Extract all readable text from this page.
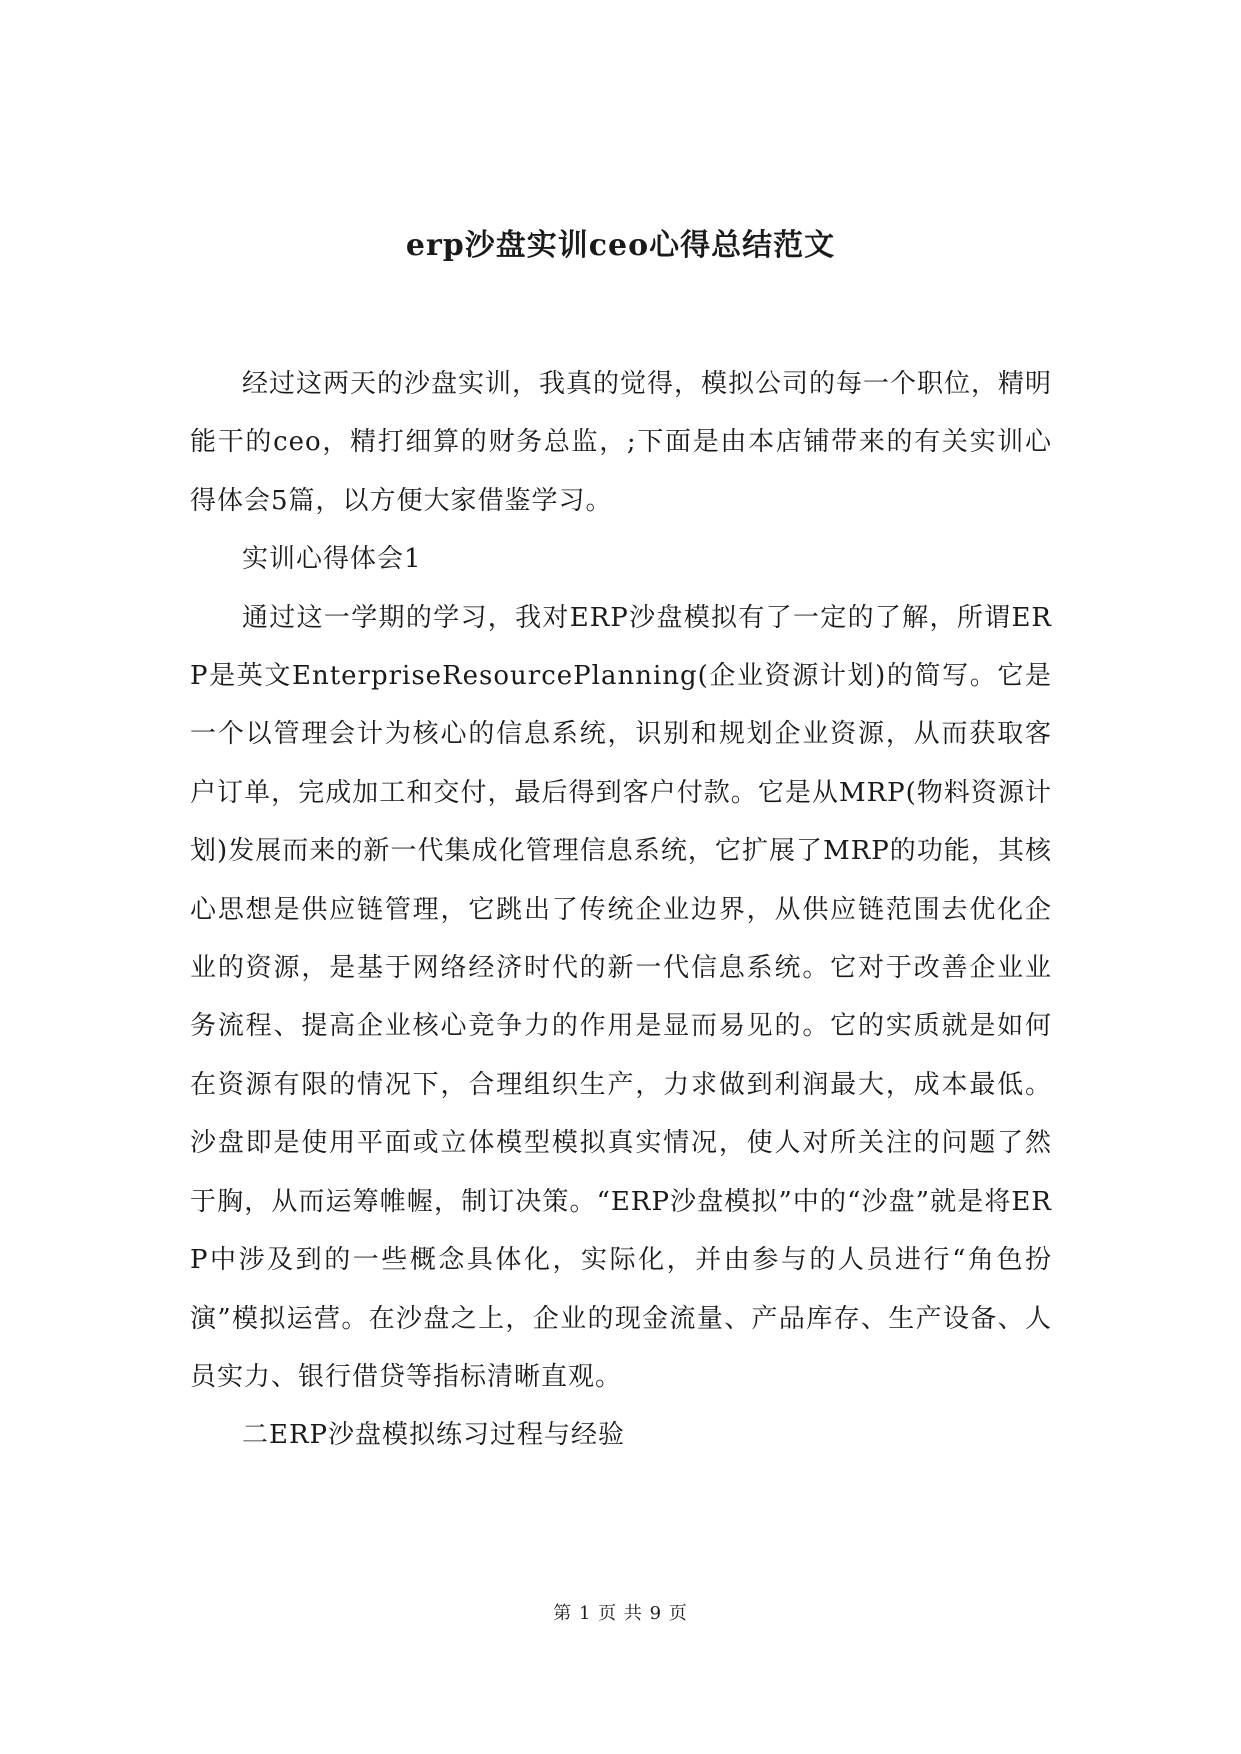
erp沙盘实训ceo心得总结范文

经过这两天的沙盘实训，我真的觉得，模拟公司的每一个职位，精明能干的ceo，精打细算的财务总监，;下面是由本店铺带来的有关实训心得体会5篇，以方便大家借鉴学习。

实训心得体会1

通过这一学期的学习，我对ERP沙盘模拟有了一定的了解，所谓ERP是英文EnterpriseResourcePlanning(企业资源计划)的简写。它是一个以管理会计为核心的信息系统，识别和规划企业资源，从而获取客户订单，完成加工和交付，最后得到客户付款。它是从MRP(物料资源计划)发展而来的新一代集成化管理信息系统，它扩展了MRP的功能，其核心思想是供应链管理，它跳出了传统企业边界，从供应链范围去优化企业的资源，是基于网络经济时代的新一代信息系统。它对于改善企业业务流程、提高企业核心竞争力的作用是显而易见的。它的实质就是如何在资源有限的情况下，合理组织生产，力求做到利润最大，成本最低。沙盘即是使用平面或立体模型模拟真实情况，使人对所关注的问题了然于胸，从而运筹帷幄，制订决策。“ERP沙盘模拟”中的“沙盘”就是将ERP中涉及到的一些概念具体化，实际化，并由参与的人员进行“角色扮演”模拟运营。在沙盘之上，企业的现金流量、产品库存、生产设备、人员实力、银行借贷等指标清晰直观。

二ERP沙盘模拟练习过程与经验

第 1 页 共 9 页
